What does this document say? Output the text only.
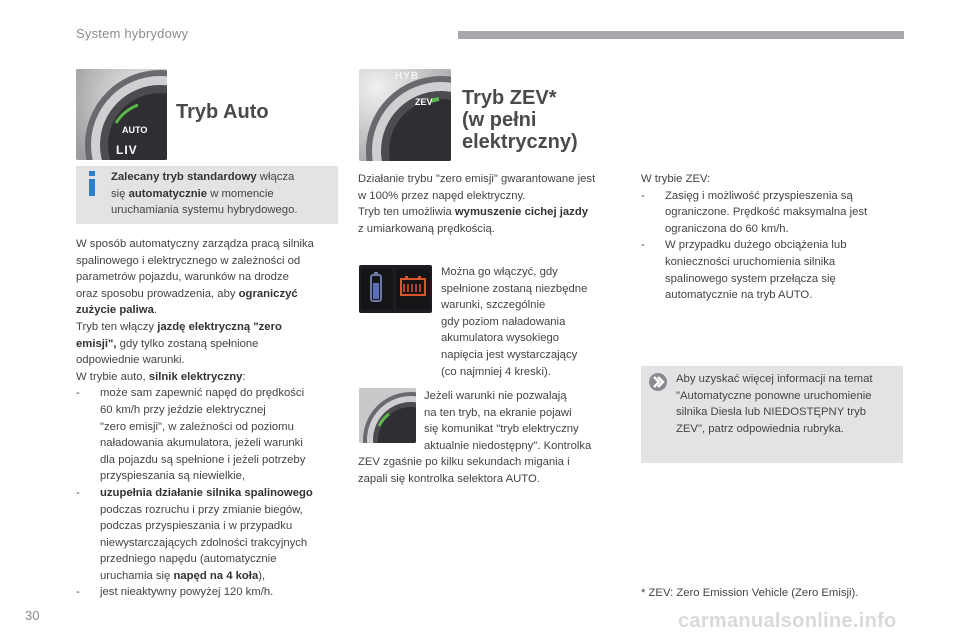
System hybrydowy
AUTO
LIV
Tryb Auto
Zalecany tryb standardowy włącza
się automatycznie w momencie
uruchamiania systemu hybrydowego.
W sposób automatyczny zarządza pracą silnika
spalinowego i elektrycznego w zależności od
parametrów pojazdu, warunków na drodze
oraz sposobu prowadzenia, aby ograniczyć
zużycie paliwa.
Tryb ten włączy jazdę elektryczną "zero
emisji", gdy tylko zostaną spełnione
odpowiednie warunki.
W trybie auto, silnik elektryczny:
-	może sam zapewnić napęd do prędkości
60 km/h przy jeździe elektrycznej
"zero emisji", w zależności od poziomu
naładowania akumulatora, jeżeli warunki
dla pojazdu są spełnione i jeżeli potrzeby
przyspieszania są niewielkie,
-	uzupełnia działanie silnika spalinowego
podczas rozruchu i przy zmianie biegów,
podczas przyspieszania i w przypadku
niewystarczających zdolności trakcyjnych
przedniego napędu (automatycznie
uruchamia się napęd na 4 koła),
-	jest nieaktywny powyżej 120 km/h.
ZEV
HYB
Tryb ZEV*
(w pełni
elektryczny)
Działanie trybu "zero emisji" gwarantowane jest
w 100% przez napęd elektryczny.
Tryb ten umożliwia wymuszenie cichej jazdy
z umiarkowaną prędkością.
Można go włączyć, gdy
spełnione zostaną niezbędne
warunki, szczególnie
gdy poziom naładowania
akumulatora wysokiego
napięcia jest wystarczający
(co najmniej 4 kreski).
Jeżeli warunki nie pozwalają
na ten tryb, na ekranie pojawi
się komunikat "tryb elektryczny
aktualnie niedostępny". Kontrolka
ZEV zgaśnie po kilku sekundach migania i
zapali się kontrolka selektora AUTO.
W trybie ZEV:
-	Zasięg i możliwość przyspieszenia są
ograniczone. Prędkość maksymalna jest
ograniczona do 60 km/h.
-	W przypadku dużego obciążenia lub
konieczności uruchomienia silnika
spalinowego system przełącza się
automatycznie na tryb AUTO.
Aby uzyskać więcej informacji na temat
"Automatyczne ponowne uruchomienie
silnika Diesla lub NIEDOSTĘPNY tryb
ZEV", patrz odpowiednia rubryka.
* ZEV: Zero Emission Vehicle (Zero Emisji).
30	carmanualsonline.info
